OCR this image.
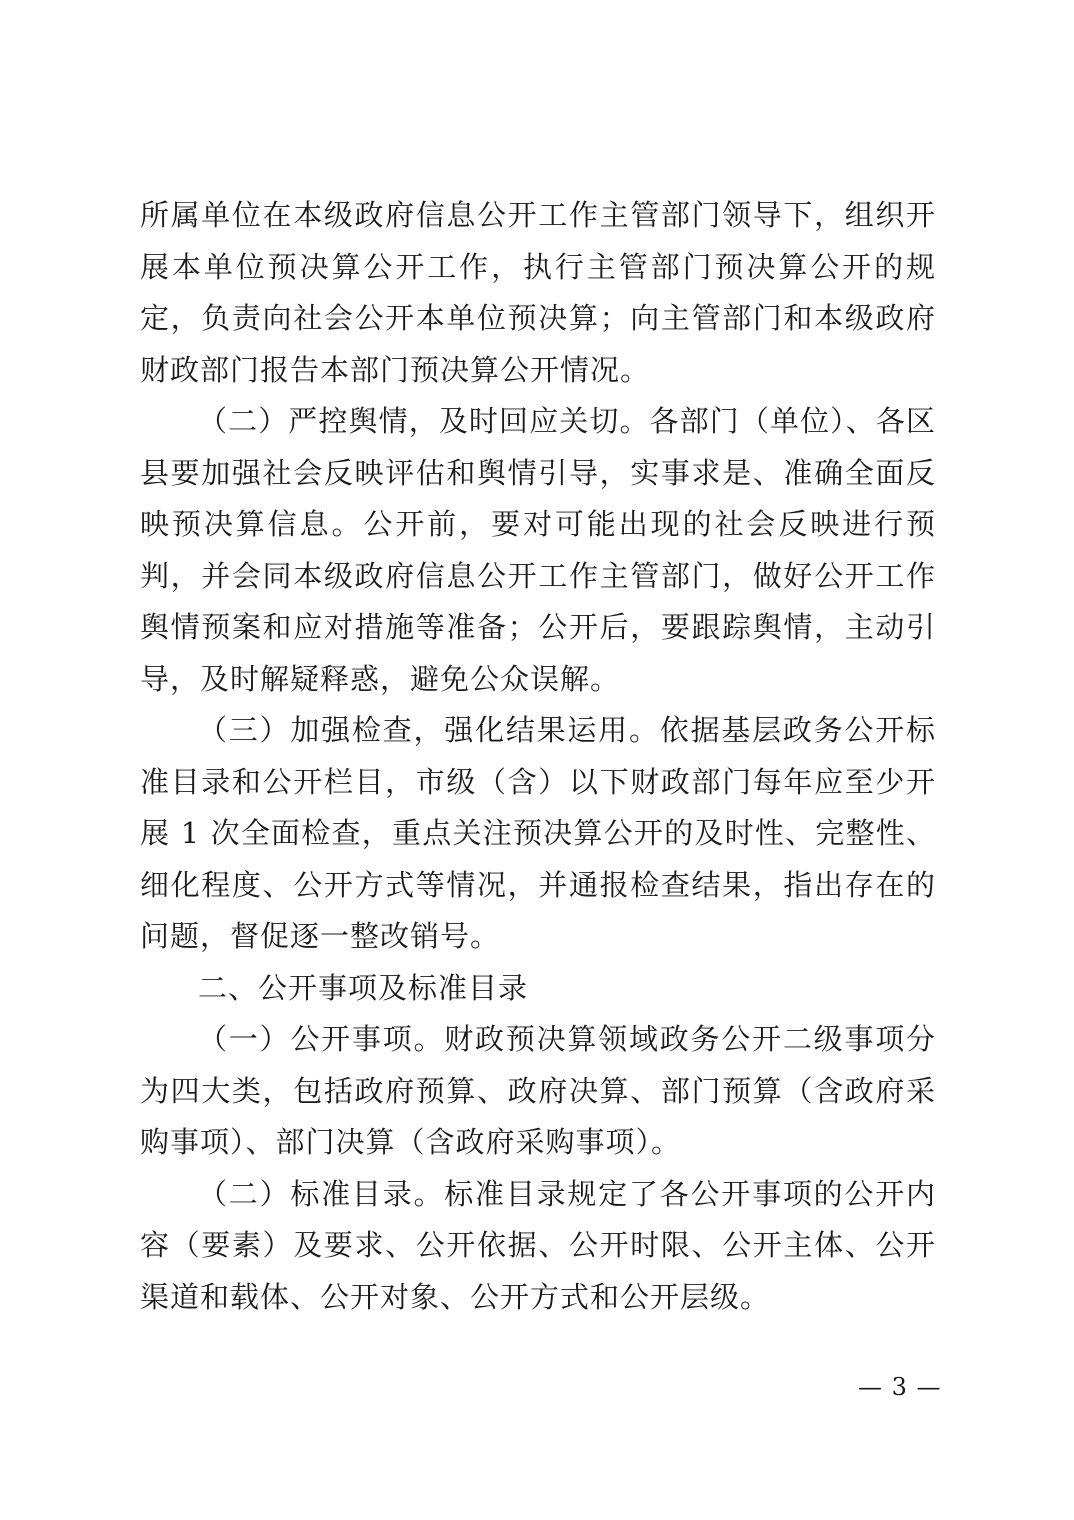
所属单位在本级政府信息公开工作主管部门领导下，组织开展本单位预决算公开工作，执行主管部门预决算公开的规定，负责向社会公开本单位预决算；向主管部门和本级政府财政部门报告本部门预决算公开情况。

（二）严控舆情，及时回应关切。各部门（单位）、各区县要加强社会反映评估和舆情引导，实事求是、准确全面反映预决算信息。公开前，要对可能出现的社会反映进行预判，并会同本级政府信息公开工作主管部门，做好公开工作舆情预案和应对措施等准备；公开后，要跟踪舆情，主动引导，及时解疑释惑，避免公众误解。

（三）加强检查，强化结果运用。依据基层政务公开标准目录和公开栏目，市级（含）以下财政部门每年应至少开展 1 次全面检查，重点关注预决算公开的及时性、完整性、细化程度、公开方式等情况，并通报检查结果，指出存在的问题，督促逐一整改销号。

二、公开事项及标准目录

（一）公开事项。财政预决算领域政务公开二级事项分为四大类，包括政府预算、政府决算、部门预算（含政府采购事项）、部门决算（含政府采购事项）。

（二）标准目录。标准目录规定了各公开事项的公开内容（要素）及要求、公开依据、公开时限、公开主体、公开渠道和载体、公开对象、公开方式和公开层级。

— 3 —
